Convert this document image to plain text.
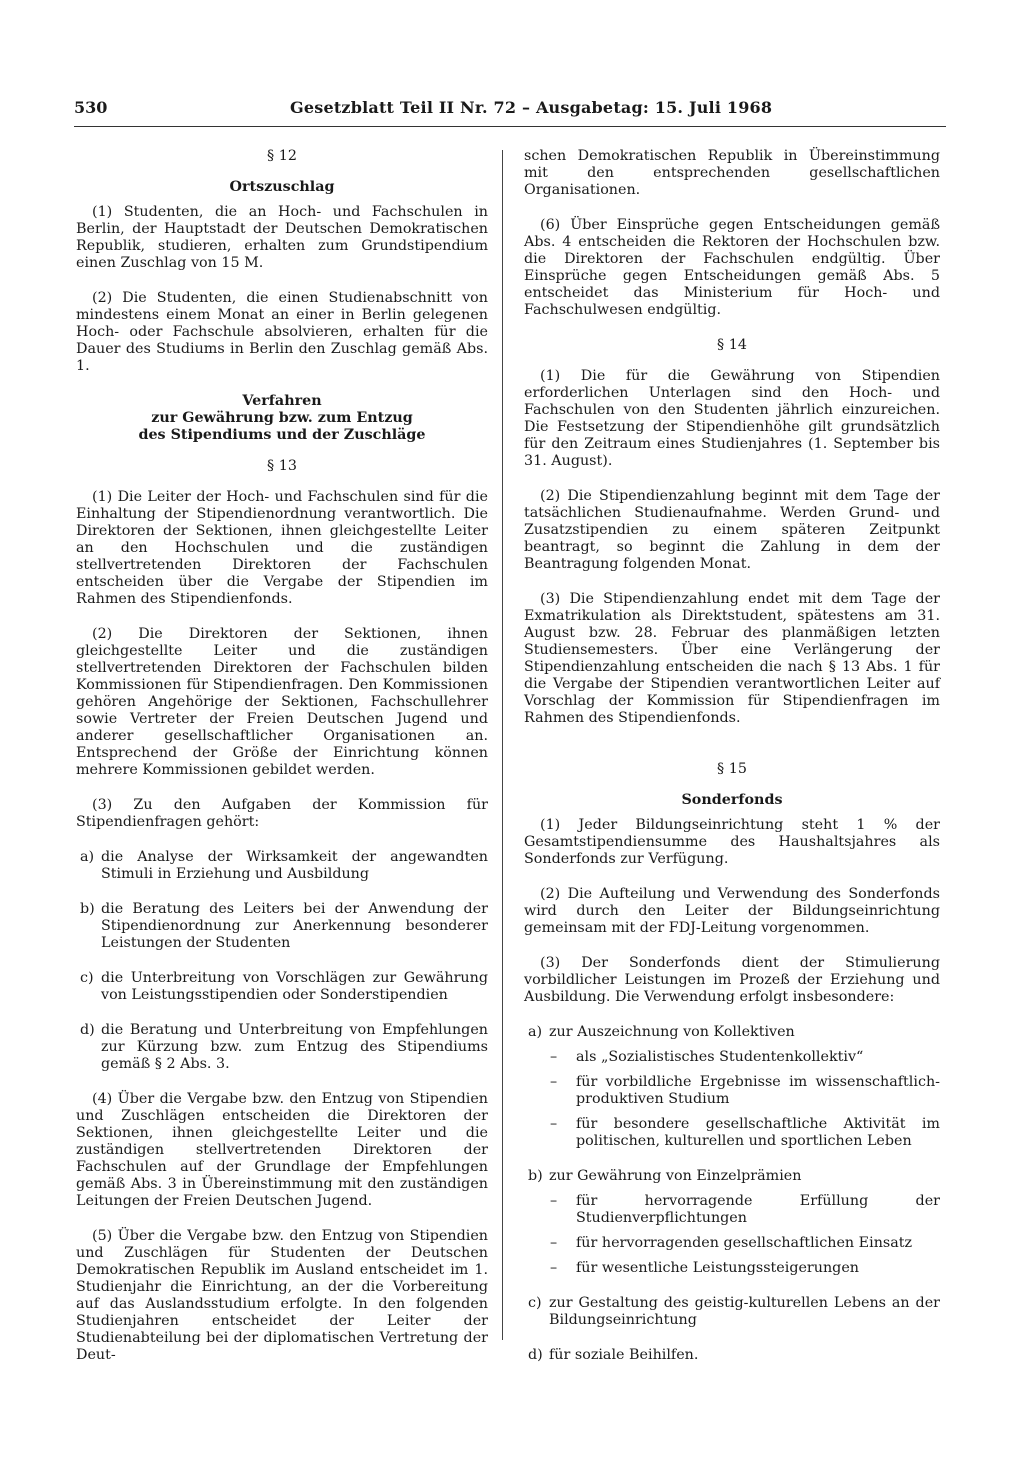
530	Gesetzblatt Teil II Nr. 72 – Ausgabetag: 15. Juli 1968
§ 12
Ortszuschlag

(1) Studenten, die an Hoch- und Fachschulen in Berlin, der Hauptstadt der Deutschen Demokratischen Republik, studieren, erhalten zum Grundstipendium einen Zuschlag von 15 M.

(2) Die Studenten, die einen Studienabschnitt von mindestens einem Monat an einer in Berlin gelegenen Hoch- oder Fachschule absolvieren, erhalten für die Dauer des Studiums in Berlin den Zuschlag gemäß Abs. 1.

Verfahren
zur Gewährung bzw. zum Entzug
des Stipendiums und der Zuschläge
§ 13

(1) Die Leiter der Hoch- und Fachschulen sind für die Einhaltung der Stipendienordnung verantwortlich. Die Direktoren der Sektionen, ihnen gleichgestellte Leiter an den Hochschulen und die zuständigen stellvertretenden Direktoren der Fachschulen entscheiden über die Vergabe der Stipendien im Rahmen des Stipendienfonds.

(2) Die Direktoren der Sektionen, ihnen gleichgestellte Leiter und die zuständigen stellvertretenden Direktoren der Fachschulen bilden Kommissionen für Stipendienfragen. Den Kommissionen gehören Angehörige der Sektionen, Fachschullehrer sowie Vertreter der Freien Deutschen Jugend und anderer gesellschaftlicher Organisationen an. Entsprechend der Größe der Einrichtung können mehrere Kommissionen gebildet werden.

(3) Zu den Aufgaben der Kommission für Stipendienfragen gehört:

a) die Analyse der Wirksamkeit der angewandten Stimuli in Erziehung und Ausbildung
b) die Beratung des Leiters bei der Anwendung der Stipendienordnung zur Anerkennung besonderer Leistungen der Studenten
c) die Unterbreitung von Vorschlägen zur Gewährung von Leistungsstipendien oder Sonderstipendien
d) die Beratung und Unterbreitung von Empfehlungen zur Kürzung bzw. zum Entzug des Stipendiums gemäß § 2 Abs. 3.

(4) Über die Vergabe bzw. den Entzug von Stipendien und Zuschlägen entscheiden die Direktoren der Sektionen, ihnen gleichgestellte Leiter und die zuständigen stellvertretenden Direktoren der Fachschulen auf der Grundlage der Empfehlungen gemäß Abs. 3 in Übereinstimmung mit den zuständigen Leitungen der Freien Deutschen Jugend.

(5) Über die Vergabe bzw. den Entzug von Stipendien und Zuschlägen für Studenten der Deutschen Demokratischen Republik im Ausland entscheidet im 1. Studienjahr die Einrichtung, an der die Vorbereitung auf das Auslandsstudium erfolgte. In den folgenden Studienjahren entscheidet der Leiter der Studienabteilung bei der diplomatischen Vertretung der Deut-

schen Demokratischen Republik in Übereinstimmung mit den entsprechenden gesellschaftlichen Organisationen.

(6) Über Einsprüche gegen Entscheidungen gemäß Abs. 4 entscheiden die Rektoren der Hochschulen bzw. die Direktoren der Fachschulen endgültig. Über Einsprüche gegen Entscheidungen gemäß Abs. 5 entscheidet das Ministerium für Hoch- und Fachschulwesen endgültig.

§ 14

(1) Die für die Gewährung von Stipendien erforderlichen Unterlagen sind den Hoch- und Fachschulen von den Studenten jährlich einzureichen. Die Festsetzung der Stipendienhöhe gilt grundsätzlich für den Zeitraum eines Studienjahres (1. September bis 31. August).

(2) Die Stipendienzahlung beginnt mit dem Tage der tatsächlichen Studienaufnahme. Werden Grund- und Zusatzstipendien zu einem späteren Zeitpunkt beantragt, so beginnt die Zahlung in dem der Beantragung folgenden Monat.

(3) Die Stipendienzahlung endet mit dem Tage der Exmatrikulation als Direktstudent, spätestens am 31. August bzw. 28. Februar des planmäßigen letzten Studiensemesters. Über eine Verlängerung der Stipendienzahlung entscheiden die nach § 13 Abs. 1 für die Vergabe der Stipendien verantwortlichen Leiter auf Vorschlag der Kommission für Stipendienfragen im Rahmen des Stipendienfonds.

§ 15
Sonderfonds

(1) Jeder Bildungseinrichtung steht 1 % der Gesamtstipendiensumme des Haushaltsjahres als Sonderfonds zur Verfügung.

(2) Die Aufteilung und Verwendung des Sonderfonds wird durch den Leiter der Bildungseinrichtung gemeinsam mit der FDJ-Leitung vorgenommen.

(3) Der Sonderfonds dient der Stimulierung vorbildlicher Leistungen im Prozeß der Erziehung und Ausbildung. Die Verwendung erfolgt insbesondere:

a) zur Auszeichnung von Kollektiven
– als „Sozialistisches Studentenkollektiv“
– für vorbildliche Ergebnisse im wissenschaftlich-produktiven Studium
– für besondere gesellschaftliche Aktivität im politischen, kulturellen und sportlichen Leben
b) zur Gewährung von Einzelprämien
– für hervorragende Erfüllung der Studienverpflichtungen
– für hervorragenden gesellschaftlichen Einsatz
– für wesentliche Leistungssteigerungen
c) zur Gestaltung des geistig-kulturellen Lebens an der Bildungseinrichtung
d) für soziale Beihilfen.
